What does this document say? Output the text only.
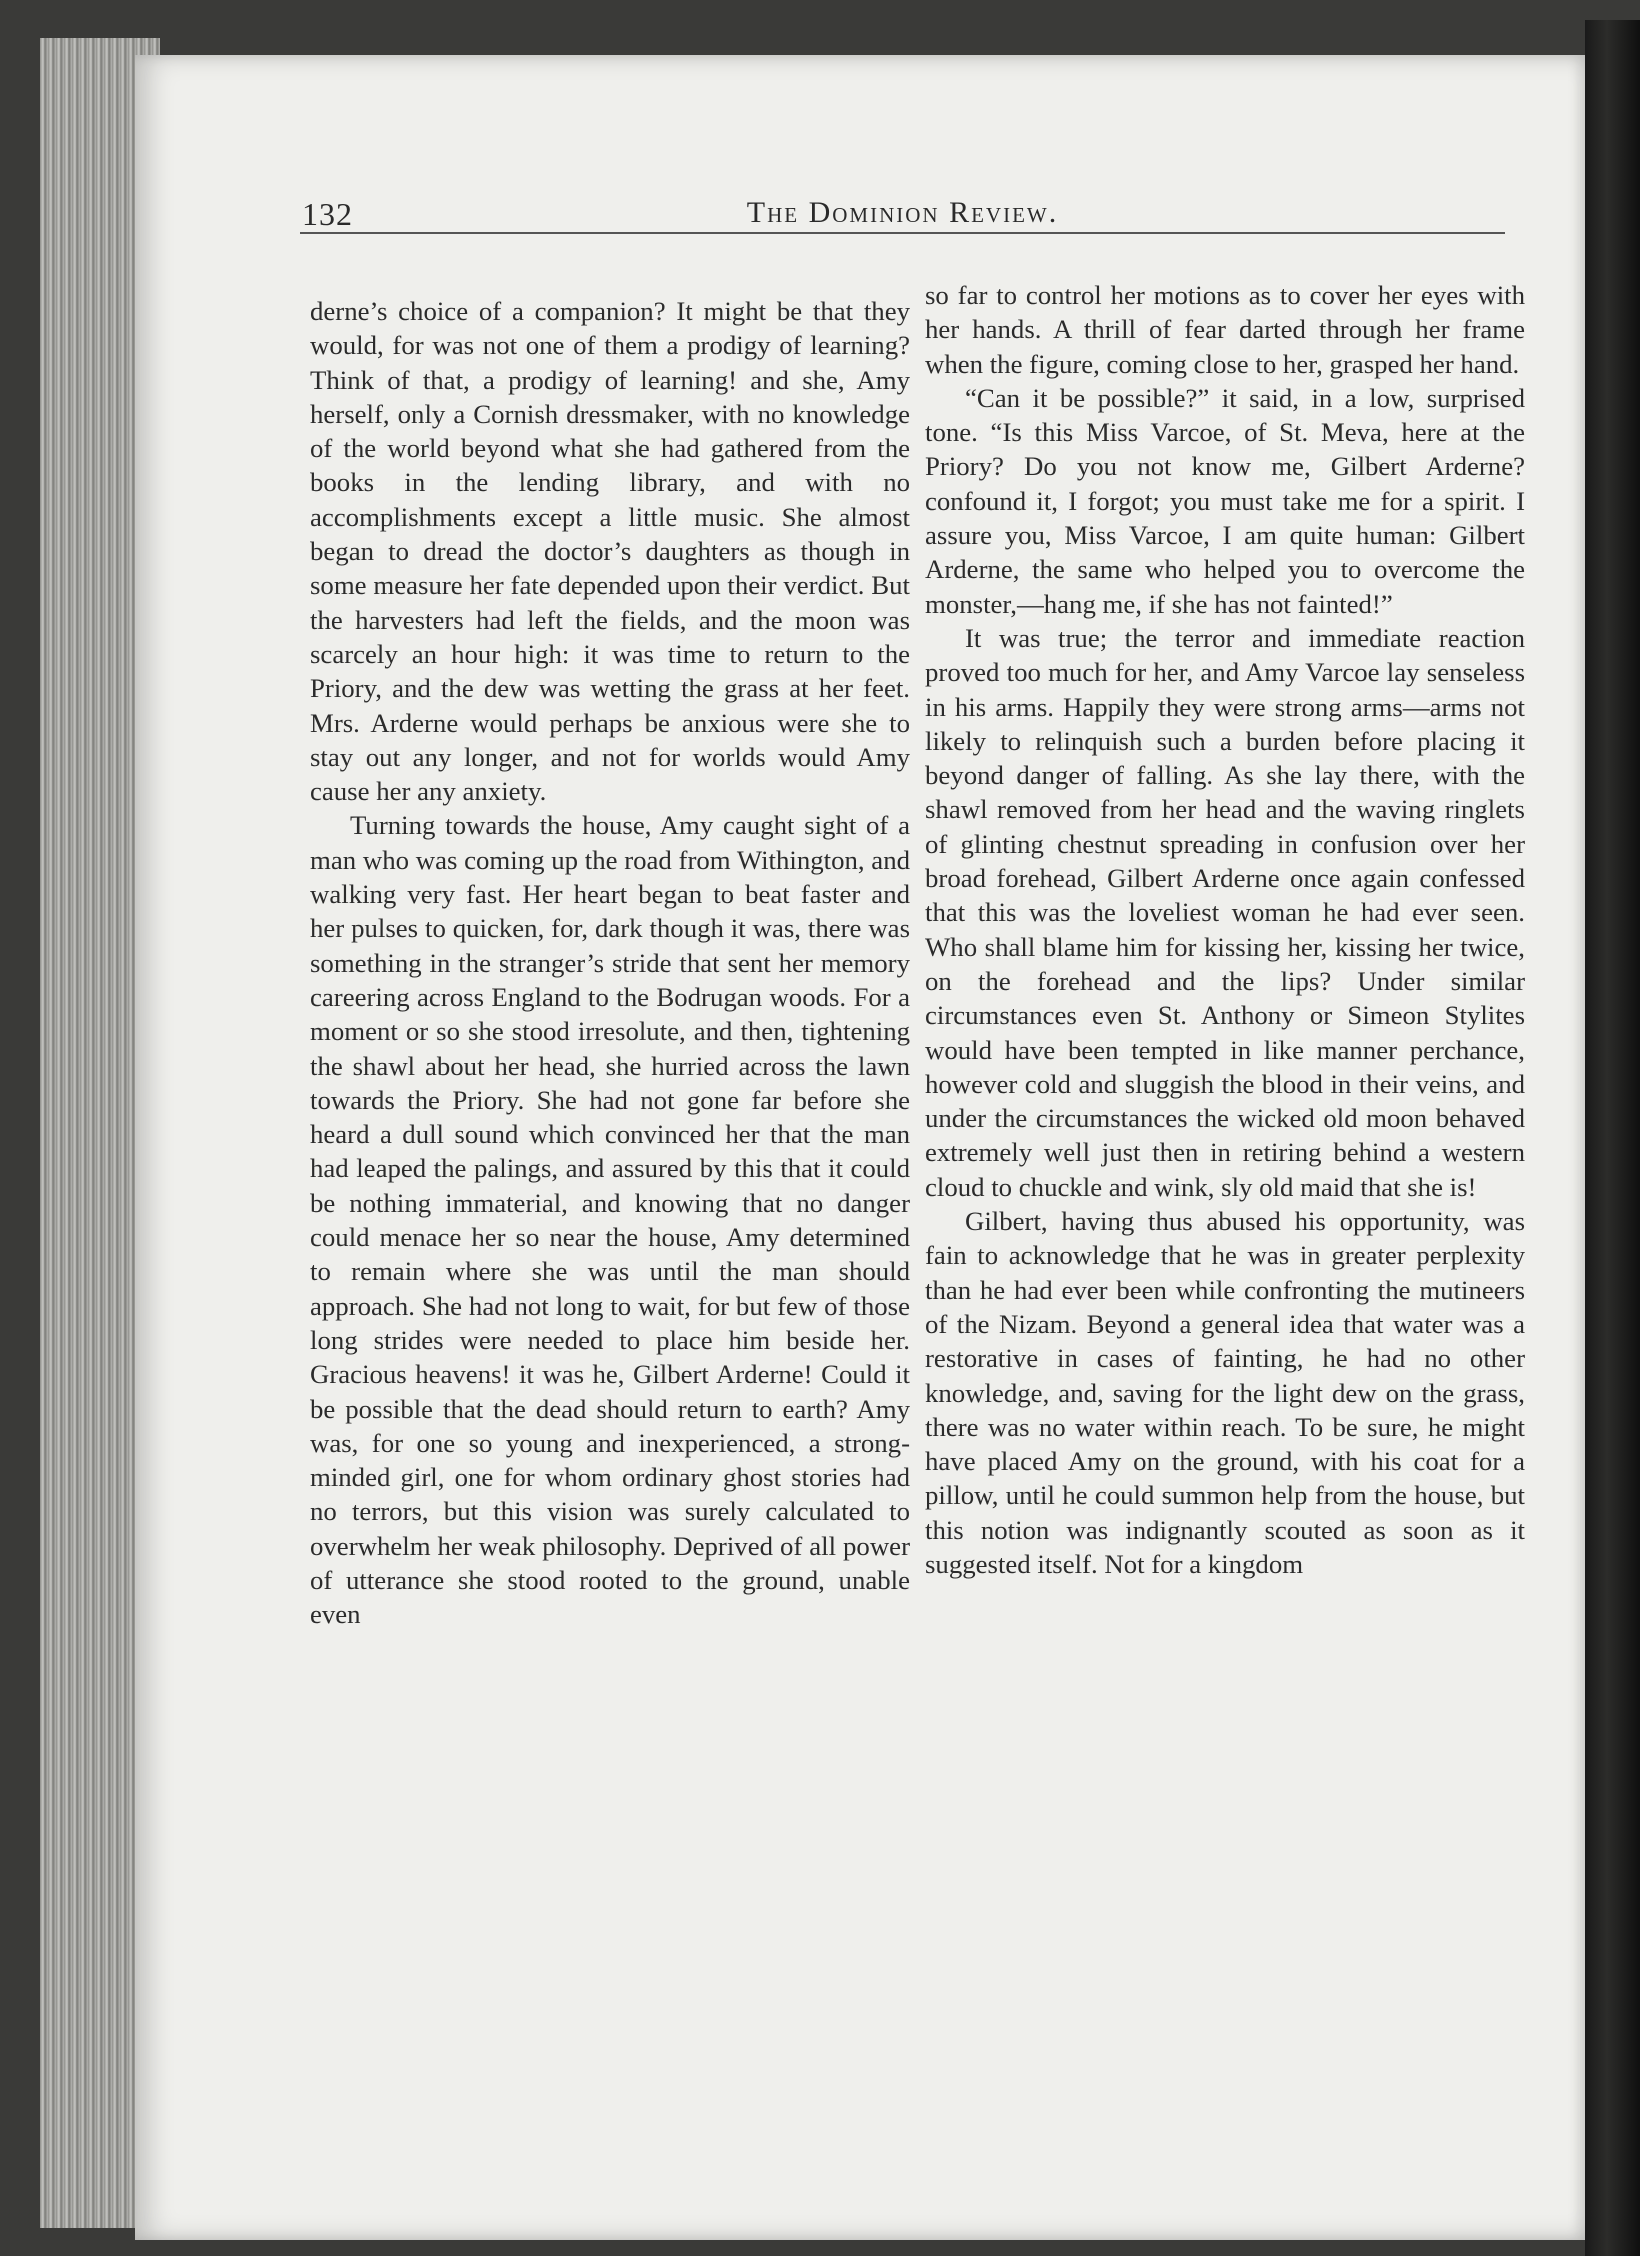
132	The Dominion Review.

derne’s choice of a companion? It might be that they would, for was not one of them a prodigy of learning? Think of that, a prodigy of learning! and she, Amy herself, only a Cornish dressmaker, with no knowledge of the world beyond what she had gathered from the books in the lending library, and with no accomplishments except a little music. She almost began to dread the doctor’s daughters as though in some measure her fate depended upon their verdict. But the harvesters had left the fields, and the moon was scarcely an hour high: it was time to return to the Priory, and the dew was wetting the grass at her feet. Mrs. Arderne would perhaps be anxious were she to stay out any longer, and not for worlds would Amy cause her any anxiety.

Turning towards the house, Amy caught sight of a man who was coming up the road from Withington, and walking very fast. Her heart began to beat faster and her pulses to quicken, for, dark though it was, there was something in the stranger’s stride that sent her memory careering across England to the Bodrugan woods. For a moment or so she stood irresolute, and then, tightening the shawl about her head, she hurried across the lawn towards the Priory. She had not gone far before she heard a dull sound which convinced her that the man had leaped the palings, and assured by this that it could be nothing immaterial, and knowing that no danger could menace her so near the house, Amy determined to remain where she was until the man should approach. She had not long to wait, for but few of those long strides were needed to place him beside her. Gracious heavens! it was he, Gilbert Arderne! Could it be possible that the dead should return to earth? Amy was, for one so young and inexperienced, a strong-minded girl, one for whom ordinary ghost stories had no terrors, but this vision was surely calculated to overwhelm her weak philosophy. Deprived of all power of utterance she stood rooted to the ground, unable even

so far to control her motions as to cover her eyes with her hands. A thrill of fear darted through her frame when the figure, coming close to her, grasped her hand.

“Can it be possible?” it said, in a low, surprised tone. “Is this Miss Varcoe, of St. Meva, here at the Priory? Do you not know me, Gilbert Arderne? confound it, I forgot; you must take me for a spirit. I assure you, Miss Varcoe, I am quite human: Gilbert Arderne, the same who helped you to overcome the monster,—hang me, if she has not fainted!”

It was true; the terror and immediate reaction proved too much for her, and Amy Varcoe lay senseless in his arms. Happily they were strong arms—arms not likely to relinquish such a burden before placing it beyond danger of falling. As she lay there, with the shawl removed from her head and the waving ringlets of glinting chestnut spreading in confusion over her broad forehead, Gilbert Arderne once again confessed that this was the loveliest woman he had ever seen. Who shall blame him for kissing her, kissing her twice, on the forehead and the lips? Under similar circumstances even St. Anthony or Simeon Stylites would have been tempted in like manner perchance, however cold and sluggish the blood in their veins, and under the circumstances the wicked old moon behaved extremely well just then in retiring behind a western cloud to chuckle and wink, sly old maid that she is!

Gilbert, having thus abused his opportunity, was fain to acknowledge that he was in greater perplexity than he had ever been while confronting the mutineers of the Nizam. Beyond a general idea that water was a restorative in cases of fainting, he had no other knowledge, and, saving for the light dew on the grass, there was no water within reach. To be sure, he might have placed Amy on the ground, with his coat for a pillow, until he could summon help from the house, but this notion was indignantly scouted as soon as it suggested itself. Not for a kingdom
